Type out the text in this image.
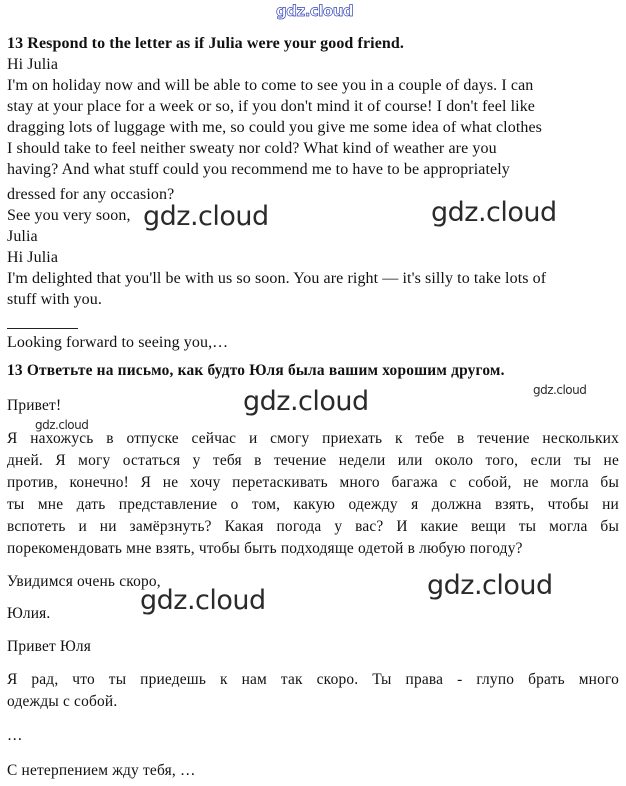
13 Respond to the letter as if Julia were your good friend.
Hi Julia
I'm on holiday now and will be able to come to see you in a couple of days. I can
stay at your place for a week or so, if you don't mind it of course! I don't feel like
dragging lots of luggage with me, so could you give me some idea of what clothes
I should take to feel neither sweaty nor cold? What kind of weather are you
having? And what stuff could you recommend me to have to be appropriately
dressed for any occasion?
See you very soon,
Julia
Hi Julia
I'm delighted that you'll be with us so soon. You are right — it's silly to take lots of
stuff with you.
Looking forward to seeing you,…
13 Ответьте на письмо, как будто Юля была вашим хорошим другом.
Привет!
Я нахожусь в отпуске сейчас и смогу приехать к тебе в течение нескольких
дней. Я могу остаться у тебя в течение недели или около того, если ты не
против, конечно! Я не хочу перетаскивать много багажа с собой, не могла бы
ты мне дать представление о том, какую одежду я должна взять, чтобы ни
вспотеть и ни замёрзнуть? Какая погода у вас? И какие вещи ты могла бы
порекомендовать мне взять, чтобы быть подходяще одетой в любую погоду?
Увидимся очень скоро,
Юлия.
Привет Юля
Я рад, что ты приедешь к нам так скоро. Ты права - глупо брать много
одежды с собой.
…
С нетерпением жду тебя, …
gdz.cloud
gdz.cloud	gdz.cloud
gdz.cloud
gdz.cloud
gdz.cloud
gdz.cloud
gdz.cloud
